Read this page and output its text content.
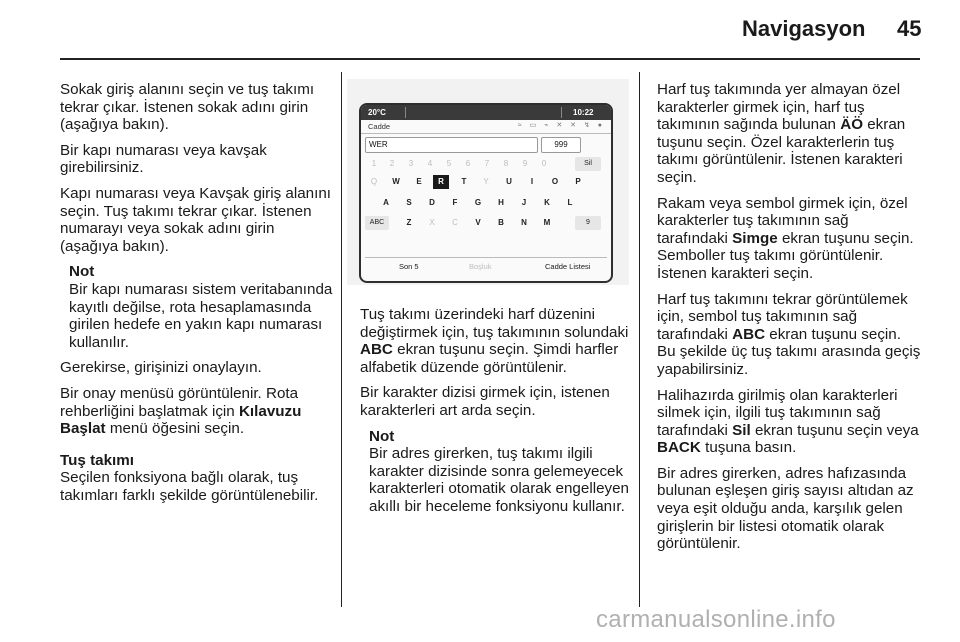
Navigasyon 45

Sokak giriş alanını seçin ve tuş takımı tekrar çıkar. İstenen sokak adını girin (aşağıya bakın).

Bir kapı numarası veya kavşak girebilirsiniz.

Kapı numarası veya Kavşak giriş alanını seçin. Tuş takımı tekrar çıkar. İstenen numarayı veya sokak adını girin (aşağıya bakın).

Not
Bir kapı numarası sistem veritabanında kayıtlı değilse, rota hesaplamasında girilen hedefe en yakın kapı numarası kullanılır.

Gerekirse, girişinizi onaylayın.

Bir onay menüsü görüntülenir. Rota rehberliğini başlatmak için Kılavuzu Başlat menü öğesini seçin.

Tuş takımı

Seçilen fonksiyona bağlı olarak, tuş takımları farklı şekilde görüntülenebilir.

20°C	10:22
Cadde	≈ ▭ ⌁ ✕ ✕ ↯ ●
WER	999
1	2	3	4	5	6	7	8	9	0	Sil
Q	W	E	R	T	Y	U	I	O	P
A	S	D	F	G	H	J	K	L
ABC	Z	X	C	V	B	N	M	9
Son 5	Boşluk	Cadde Listesi

Tuş takımı üzerindeki harf düzenini değiştirmek için, tuş takımının solundaki ABC ekran tuşunu seçin. Şimdi harfler alfabetik düzende görüntülenir.

Bir karakter dizisi girmek için, istenen karakterleri art arda seçin.

Not
Bir adres girerken, tuş takımı ilgili karakter dizisinde sonra gelemeyecek karakterleri otomatik olarak engelleyen akıllı bir heceleme fonksiyonu kullanır.

Harf tuş takımında yer almayan özel karakterler girmek için, harf tuş takımının sağında bulunan ÄÖ ekran tuşunu seçin. Özel karakterlerin tuş takımı görüntülenir. İstenen karakteri seçin.

Rakam veya sembol girmek için, özel karakterler tuş takımının sağ tarafındaki Simge ekran tuşunu seçin. Semboller tuş takımı görüntülenir. İstenen karakteri seçin.

Harf tuş takımını tekrar görüntülemek için, sembol tuş takımının sağ tarafındaki ABC ekran tuşunu seçin. Bu şekilde üç tuş takımı arasında geçiş yapabilirsiniz.

Halihazırda girilmiş olan karakterleri silmek için, ilgili tuş takımının sağ tarafındaki Sil ekran tuşunu seçin veya BACK tuşuna basın.

Bir adres girerken, adres hafızasında bulunan eşleşen giriş sayısı altıdan az veya eşit olduğu anda, karşılık gelen girişlerin bir listesi otomatik olarak görüntülenir.

carmanualsonline.info
